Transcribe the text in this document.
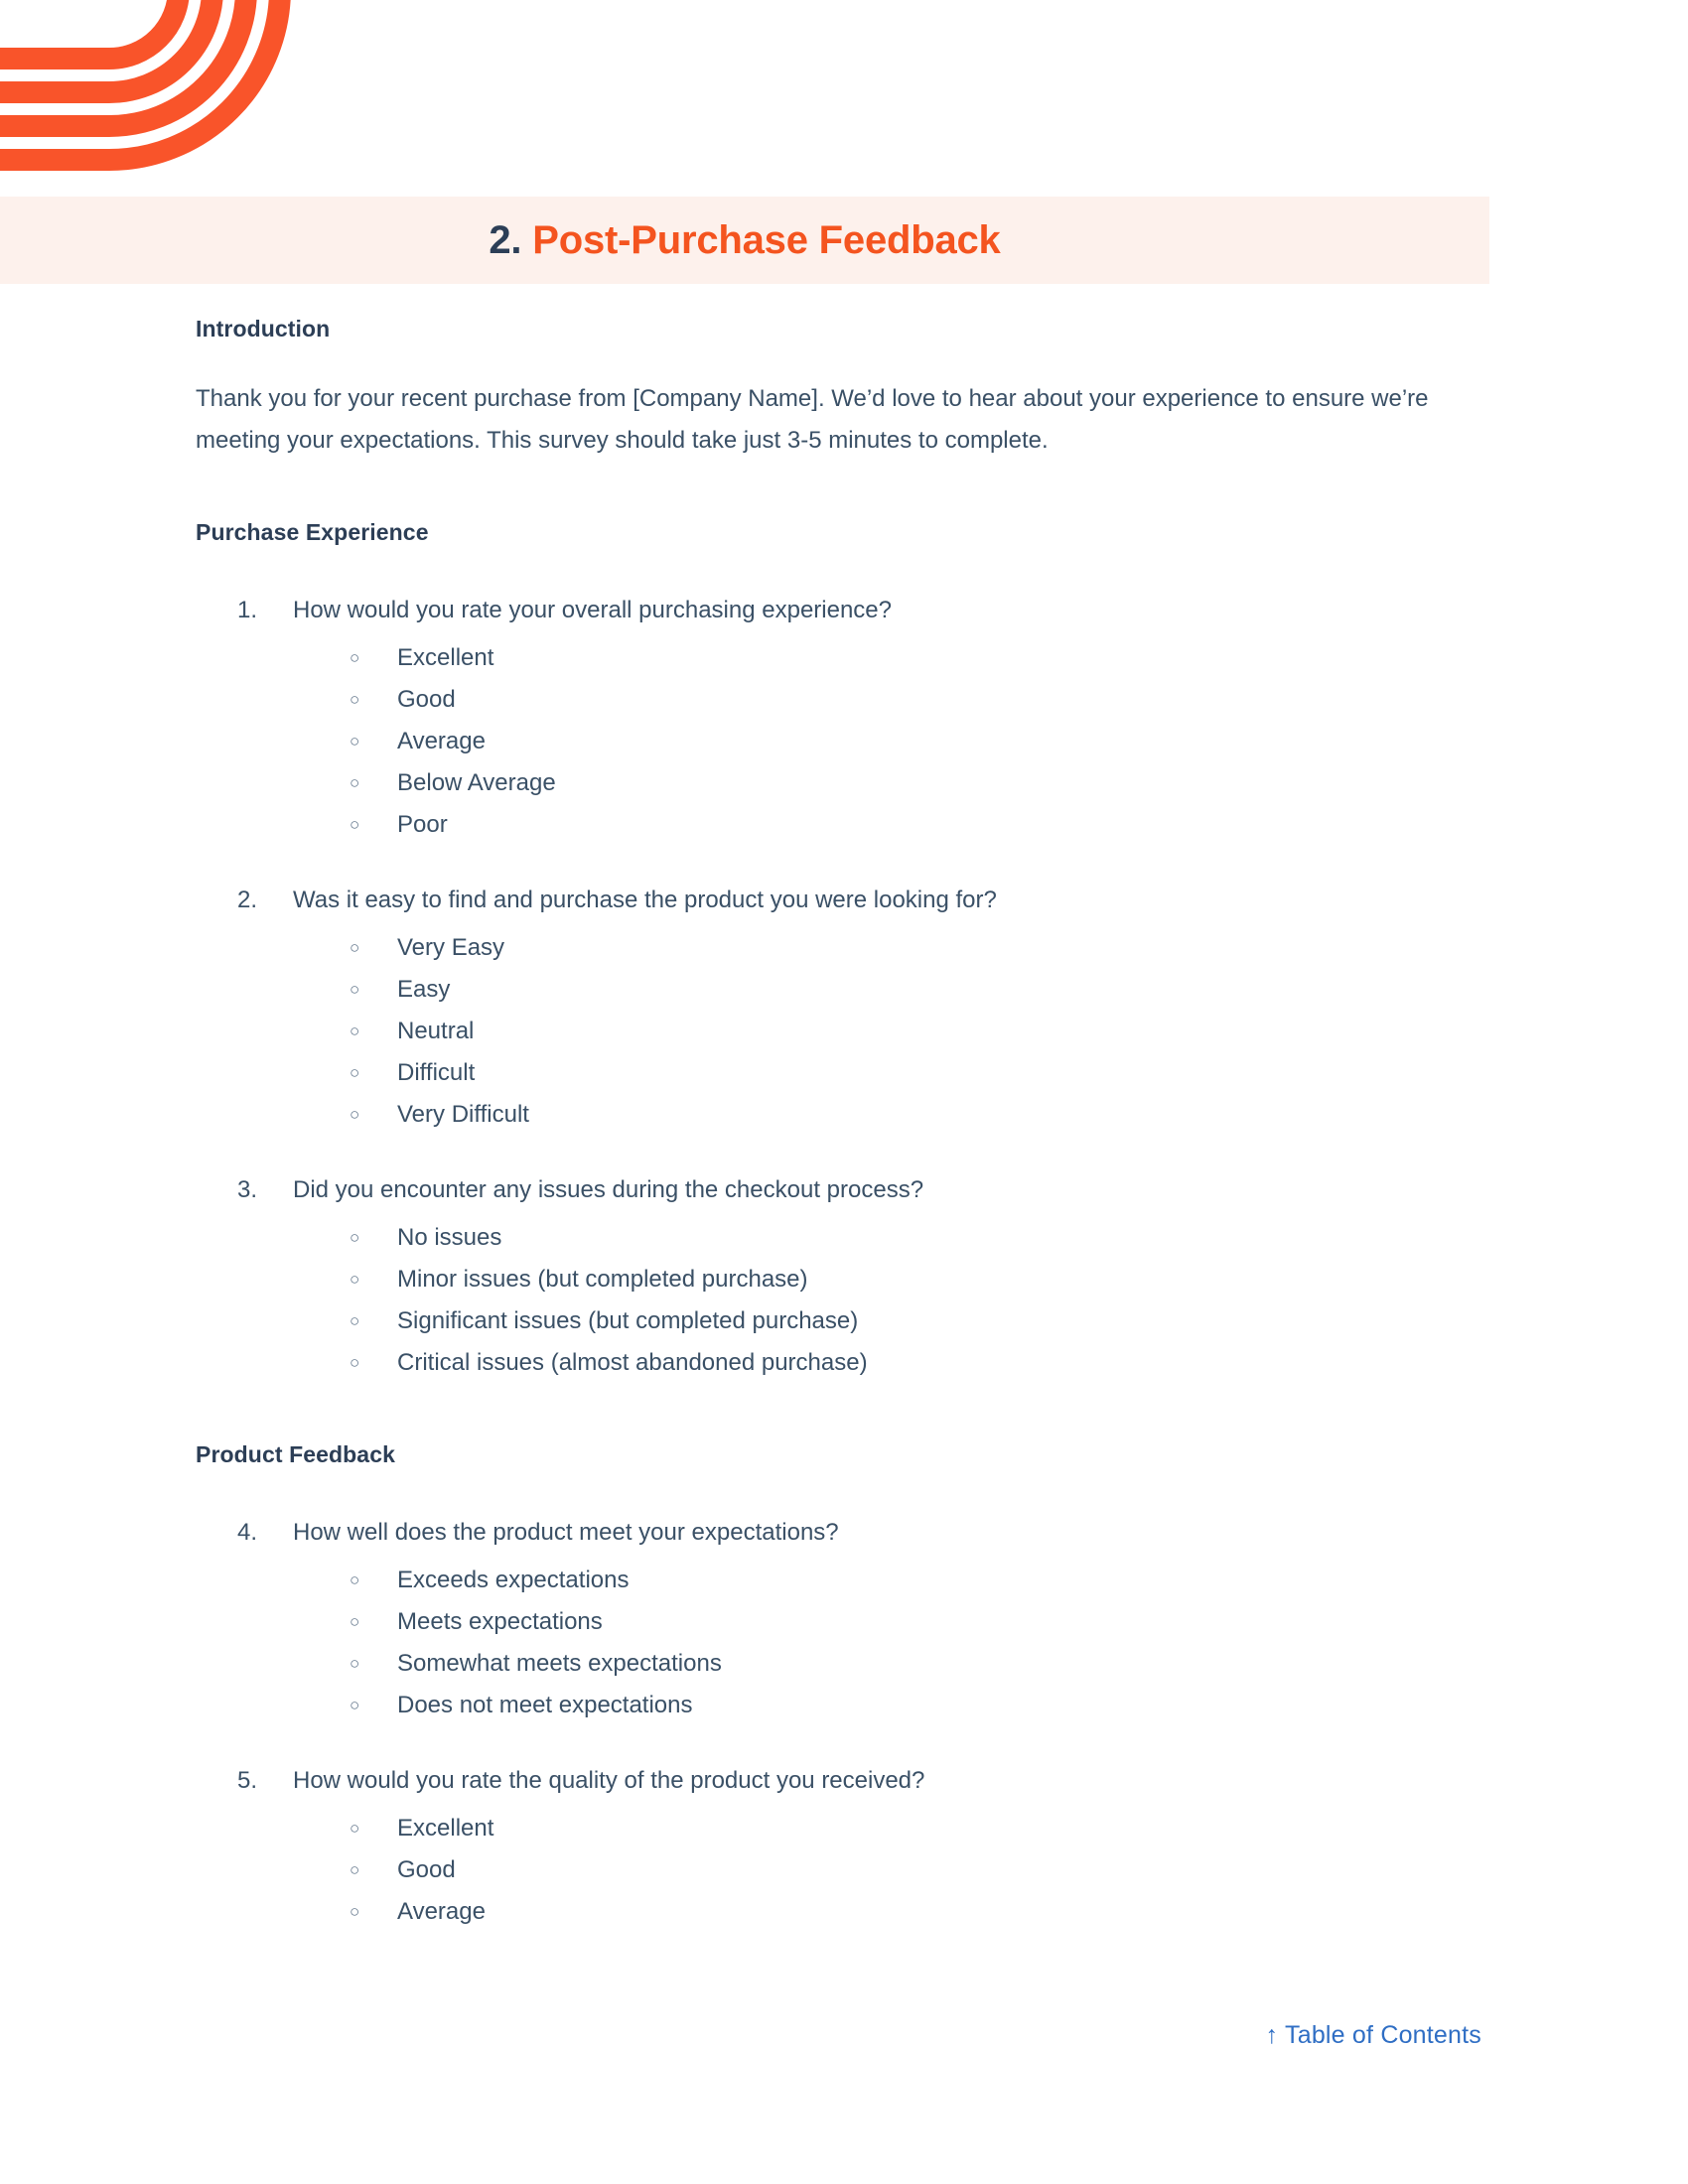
2. Post-Purchase Feedback
Introduction

Thank you for your recent purchase from [Company Name]. We’d love to hear about your experience to ensure we’re meeting your expectations. This survey should take just 3-5 minutes to complete.

Purchase Experience
1.	How would you rate your overall purchasing experience?
○ Excellent
○ Good
○ Average
○ Below Average
○ Poor
2.	Was it easy to find and purchase the product you were looking for?
○ Very Easy
○ Easy
○ Neutral
○ Difficult
○ Very Difficult
3.	Did you encounter any issues during the checkout process?
○ No issues
○ Minor issues (but completed purchase)
○ Significant issues (but completed purchase)
○ Critical issues (almost abandoned purchase)
Product Feedback
4.	How well does the product meet your expectations?
○ Exceeds expectations
○ Meets expectations
○ Somewhat meets expectations
○ Does not meet expectations
5.	How would you rate the quality of the product you received?
○ Excellent
○ Good
○ Average
↑ Table of Contents
